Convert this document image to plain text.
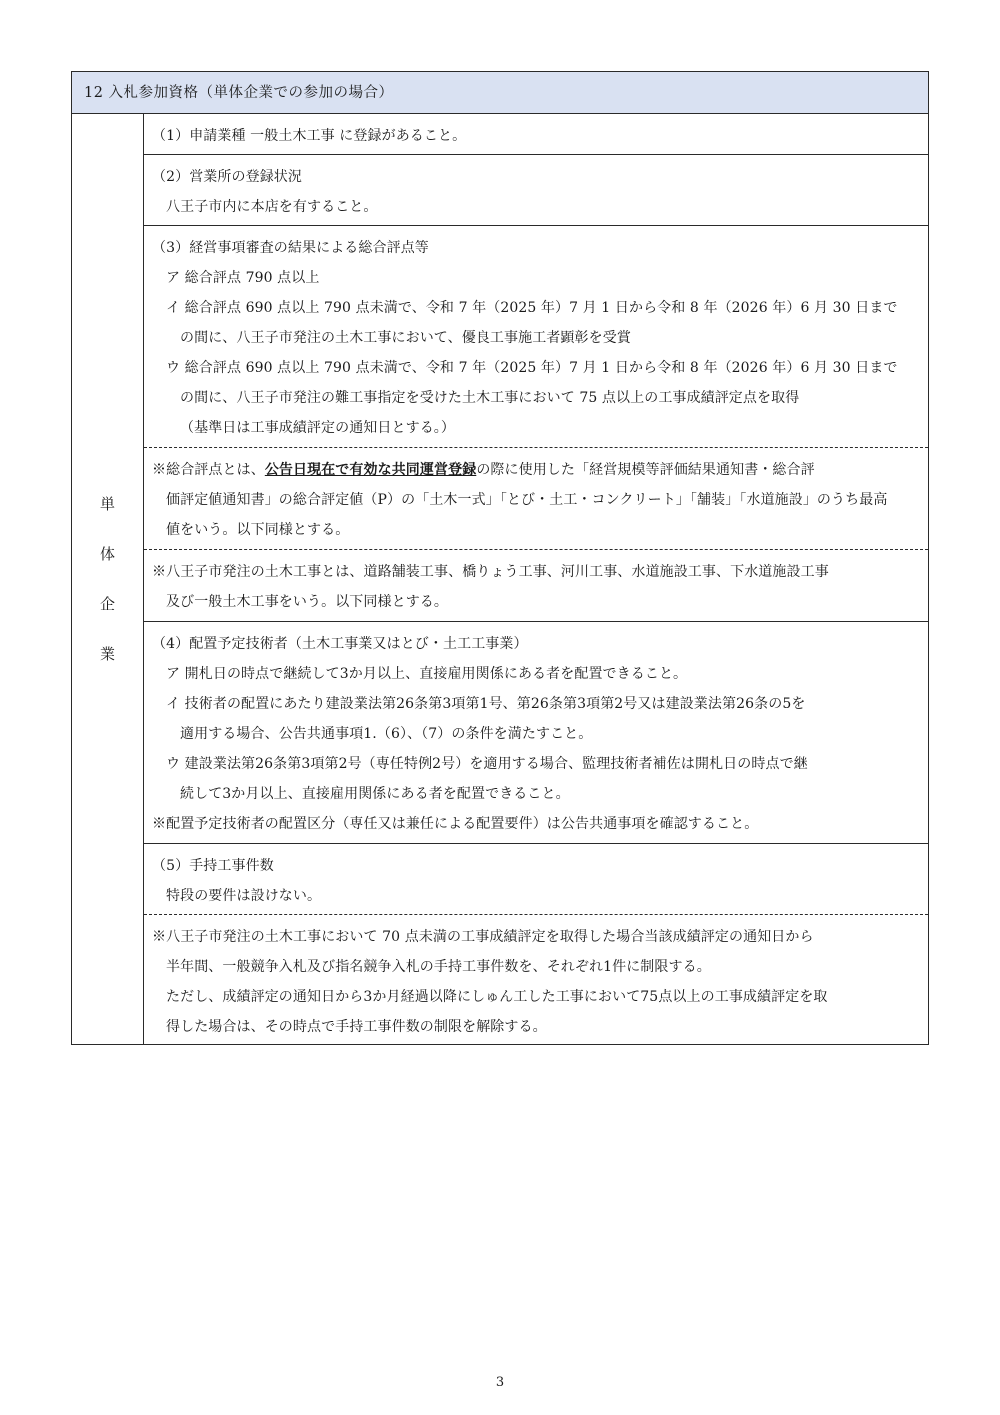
12 入札参加資格（単体企業での参加の場合）
単
体
企
業
（1）申請業種 一般土木工事 に登録があること。
（2）営業所の登録状況
八王子市内に本店を有すること。
（3）経営事項審査の結果による総合評点等
ア 総合評点 790 点以上
イ 総合評点 690 点以上 790 点未満で、令和 7 年（2025 年）7 月 1 日から令和 8 年（2026 年）6 月 30 日まで
の間に、八王子市発注の土木工事において、優良工事施工者顕彰を受賞
ウ 総合評点 690 点以上 790 点未満で、令和 7 年（2025 年）7 月 1 日から令和 8 年（2026 年）6 月 30 日まで
の間に、八王子市発注の難工事指定を受けた土木工事において 75 点以上の工事成績評定点を取得
（基準日は工事成績評定の通知日とする。）
※総合評点とは、公告日現在で有効な共同運営登録の際に使用した「経営規模等評価結果通知書・総合評
価評定値通知書」の総合評定値（P）の「土木一式」「とび・土工・コンクリート」「舗装」「水道施設」のうち最高
値をいう。以下同様とする。
※八王子市発注の土木工事とは、道路舗装工事、橋りょう工事、河川工事、水道施設工事、下水道施設工事
及び一般土木工事をいう。以下同様とする。
（4）配置予定技術者（土木工事業又はとび・土工工事業）
ア 開札日の時点で継続して3か月以上、直接雇用関係にある者を配置できること。
イ 技術者の配置にあたり建設業法第26条第3項第1号、第26条第3項第2号又は建設業法第26条の5を
適用する場合、公告共通事項1.（6）、（7）の条件を満たすこと。
ウ 建設業法第26条第3項第2号（専任特例2号）を適用する場合、監理技術者補佐は開札日の時点で継
続して3か月以上、直接雇用関係にある者を配置できること。
※配置予定技術者の配置区分（専任又は兼任による配置要件）は公告共通事項を確認すること。
（5）手持工事件数
特段の要件は設けない。
※八王子市発注の土木工事において 70 点未満の工事成績評定を取得した場合当該成績評定の通知日から
半年間、一般競争入札及び指名競争入札の手持工事件数を、それぞれ1件に制限する。
ただし、成績評定の通知日から3か月経過以降にしゅん工した工事において75点以上の工事成績評定を取
得した場合は、その時点で手持工事件数の制限を解除する。
3
